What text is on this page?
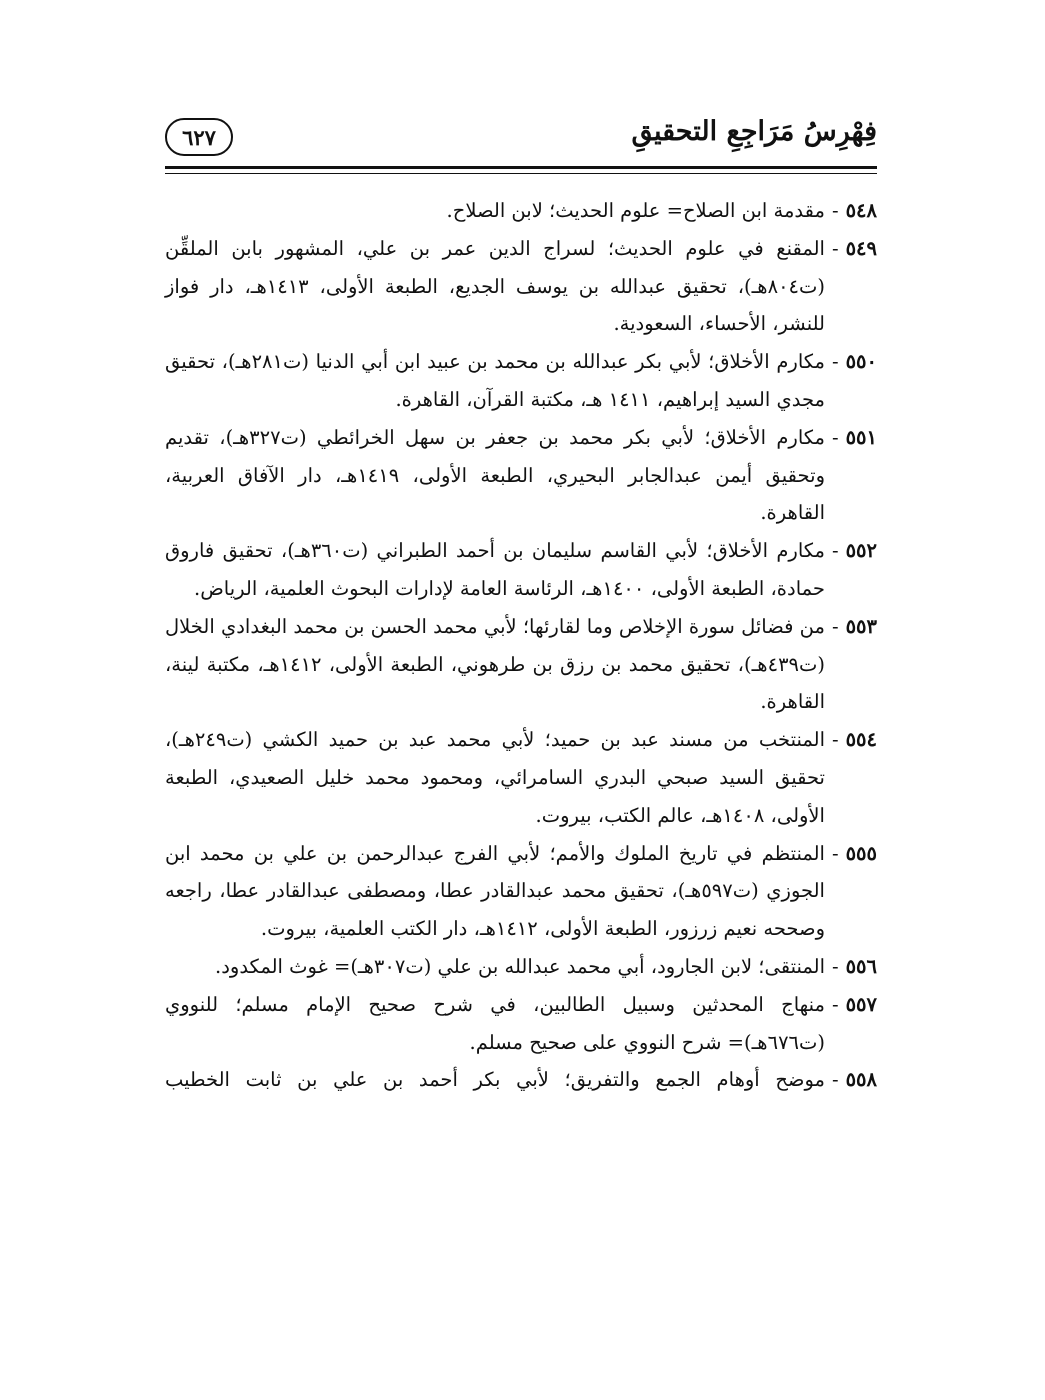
٦٢٧	فِهْرِسُ مَرَاجِعِ التحقيقِ
٥٤٨
-
مقدمة ابن الصلاح= علوم الحديث؛ لابن الصلاح.
٥٤٩
-
المقنع في علوم الحديث؛ لسراج الدين عمر بن علي، المشهور بابن الملقِّن (ت٨٠٤هـ)، تحقيق عبدالله بن يوسف الجديع، الطبعة الأولى، ١٤١٣هـ، دار فواز للنشر، الأحساء، السعودية.
٥٥٠
-
مكارم الأخلاق؛ لأبي بكر عبدالله بن محمد بن عبيد ابن أبي الدنيا (ت٢٨١هـ)، تحقيق مجدي السيد إبراهيم، ١٤١١ هـ، مكتبة القرآن، القاهرة.
٥٥١
-
مكارم الأخلاق؛ لأبي بكر محمد بن جعفر بن سهل الخرائطي (ت٣٢٧هـ)، تقديم وتحقيق أيمن عبدالجابر البحيري، الطبعة الأولى، ١٤١٩هـ، دار الآفاق العربية، القاهرة.
٥٥٢
-
مكارم الأخلاق؛ لأبي القاسم سليمان بن أحمد الطبراني (ت٣٦٠هـ)، تحقيق فاروق حمادة، الطبعة الأولى، ١٤٠٠هـ، الرئاسة العامة لإدارات البحوث العلمية، الرياض.
٥٥٣
-
من فضائل سورة الإخلاص وما لقارئها؛ لأبي محمد الحسن بن محمد البغدادي الخلال (ت٤٣٩هـ)، تحقيق محمد بن رزق بن طرهوني، الطبعة الأولى، ١٤١٢هـ، مكتبة لينة، القاهرة.
٥٥٤
-
المنتخب من مسند عبد بن حميد؛ لأبي محمد عبد بن حميد الكشي (ت٢٤٩هـ)، تحقيق السيد صبحي البدري السامرائي، ومحمود محمد خليل الصعيدي، الطبعة الأولى، ١٤٠٨هـ، عالم الكتب، بيروت.
٥٥٥
-
المنتظم في تاريخ الملوك والأمم؛ لأبي الفرج عبدالرحمن بن علي بن محمد ابن الجوزي (ت٥٩٧هـ)، تحقيق محمد عبدالقادر عطا، ومصطفى عبدالقادر عطا، راجعه وصححه نعيم زرزور، الطبعة الأولى، ١٤١٢هـ، دار الكتب العلمية، بيروت.
٥٥٦
-
المنتقى؛ لابن الجارود، أبي محمد عبدالله بن علي (ت٣٠٧هـ)= غوث المكدود.
٥٥٧
-
منهاج المحدثين وسبيل الطالبين، في شرح صحيح الإمام مسلم؛ للنووي (ت٦٧٦هـ)= شرح النووي على صحيح مسلم.
٥٥٨
-
موضح أوهام الجمع والتفريق؛ لأبي بكر أحمد بن علي بن ثابت الخطيب
